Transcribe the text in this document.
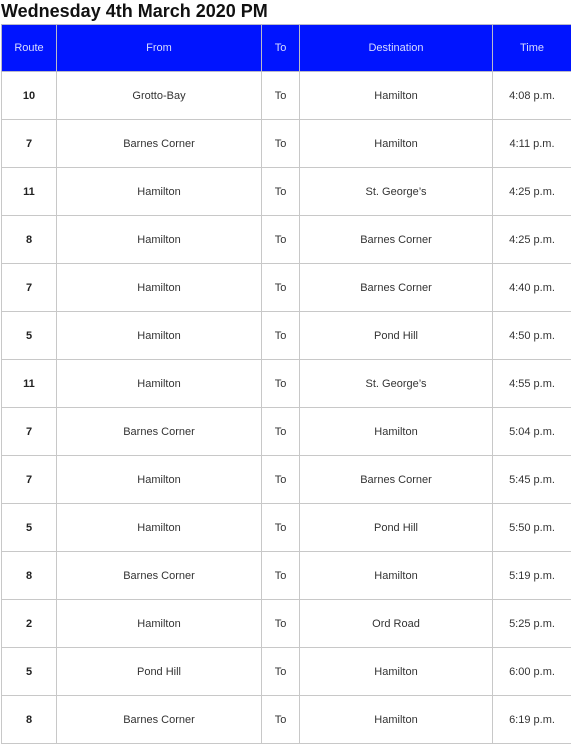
Wednesday 4th March 2020 PM
Route	From	To	Destination	Time
10	Grotto-Bay	To	Hamilton	4:08 p.m.
7	Barnes Corner	To	Hamilton	4:11 p.m.
11	Hamilton	To	St. George’s	4:25 p.m.
8	Hamilton	To	Barnes Corner	4:25 p.m.
7	Hamilton	To	Barnes Corner	4:40 p.m.
5	Hamilton	To	Pond Hill	4:50 p.m.
11	Hamilton	To	St. George’s	4:55 p.m.
7	Barnes Corner	To	Hamilton	5:04 p.m.
7	Hamilton	To	Barnes Corner	5:45 p.m.
5	Hamilton	To	Pond Hill	5:50 p.m.
8	Barnes Corner	To	Hamilton	5:19 p.m.
2	Hamilton	To	Ord Road	5:25 p.m.
5	Pond Hill	To	Hamilton	6:00 p.m.
8	Barnes Corner	To	Hamilton	6:19 p.m.
